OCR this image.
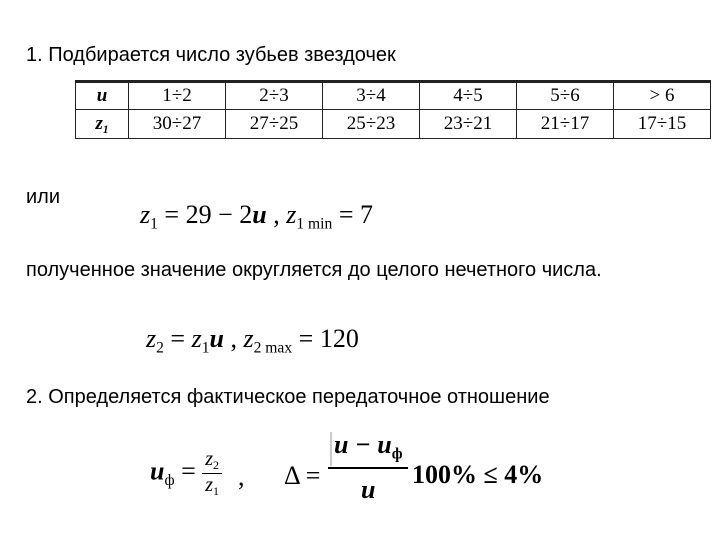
1. Подбирается число зубьев звездочек
u	1÷2	2÷3	3÷4	4÷5	5÷6	> 6
$z_1$	30÷27	27÷25	25÷23	23÷21	21÷17	17÷15
или
$z_1 = 29 - 2u$ , $z_{1 min} = 7$
полученное значение округляется до целого нечетного числа.
$z_2 = z_1u$ , $z_{2 max} = 120$
2. Определяется фактическое передаточное отношение
$u_ф = \frac{z_2}{z_1}$ , Δ =
$u - u_ф$
u
100% ≤ 4%
